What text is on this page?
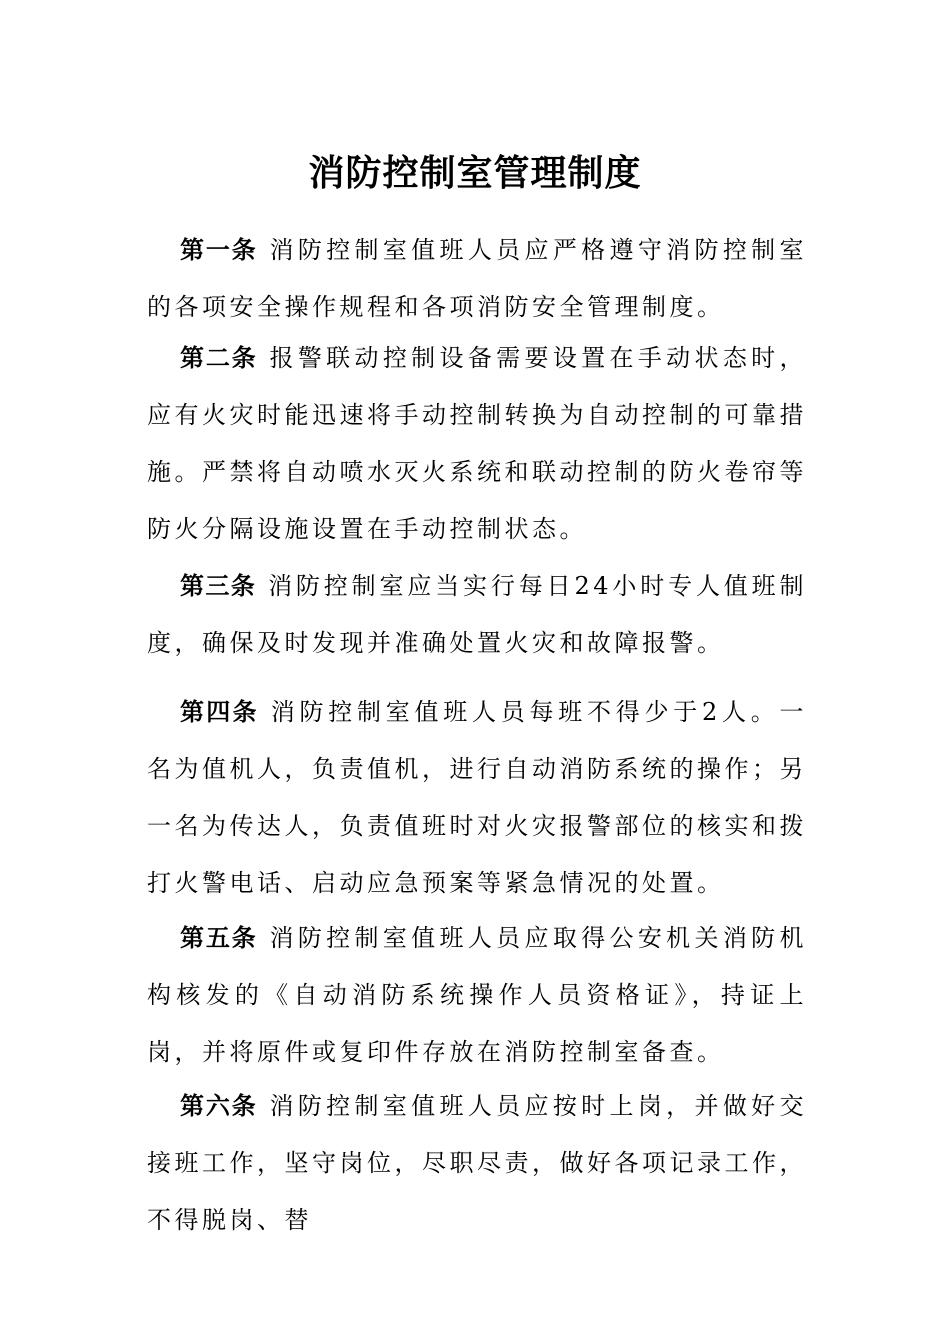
消防控制室管理制度

第一条 消防控制室值班人员应严格遵守消防控制室的各项安全操作规程和各项消防安全管理制度。

第二条 报警联动控制设备需要设置在手动状态时，应有火灾时能迅速将手动控制转换为自动控制的可靠措施。严禁将自动喷水灭火系统和联动控制的防火卷帘等防火分隔设施设置在手动控制状态。

第三条 消防控制室应当实行每日24小时专人值班制度，确保及时发现并准确处置火灾和故障报警。

第四条 消防控制室值班人员每班不得少于2人。一名为值机人，负责值机，进行自动消防系统的操作；另一名为传达人，负责值班时对火灾报警部位的核实和拨打火警电话、启动应急预案等紧急情况的处置。

第五条 消防控制室值班人员应取得公安机关消防机构核发的《自动消防系统操作人员资格证》，持证上岗，并将原件或复印件存放在消防控制室备查。

第六条 消防控制室值班人员应按时上岗，并做好交接班工作，坚守岗位，尽职尽责，做好各项记录工作，不得脱岗、替
